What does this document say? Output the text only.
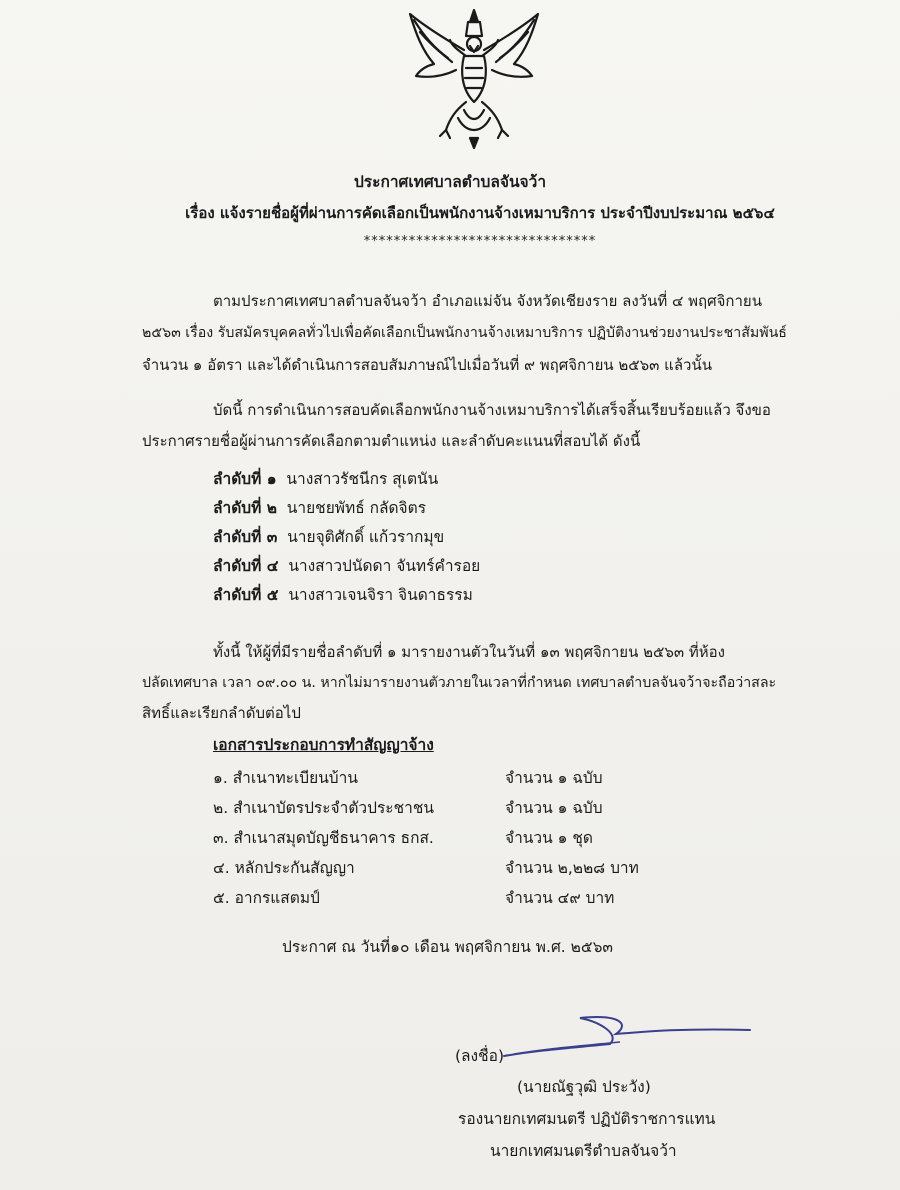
ประกาศเทศบาลตำบลจันจว้า
เรื่อง แจ้งรายชื่อผู้ที่ผ่านการคัดเลือกเป็นพนักงานจ้างเหมาบริการ ประจำปีงบประมาณ ๒๕๖๔
*******************************
ตามประกาศเทศบาลตำบลจันจว้า อำเภอแม่จัน จังหวัดเชียงราย ลงวันที่ ๔ พฤศจิกายน
๒๕๖๓ เรื่อง รับสมัครบุคคลทั่วไปเพื่อคัดเลือกเป็นพนักงานจ้างเหมาบริการ ปฏิบัติงานช่วยงานประชาสัมพันธ์
จำนวน ๑ อัตรา และได้ดำเนินการสอบสัมภาษณ์ไปเมื่อวันที่ ๙ พฤศจิกายน ๒๕๖๓ แล้วนั้น
บัดนี้ การดำเนินการสอบคัดเลือกพนักงานจ้างเหมาบริการได้เสร็จสิ้นเรียบร้อยแล้ว จึงขอ
ประกาศรายชื่อผู้ผ่านการคัดเลือกตามตำแหน่ง และลำดับคะแนนที่สอบได้ ดังนี้
ลำดับที่ ๑ นางสาวรัชนีกร สุเตนัน
ลำดับที่ ๒ นายชยพัทธ์ กลัดจิตร
ลำดับที่ ๓ นายจุติศักดิ์ แก้วรากมุข
ลำดับที่ ๔ นางสาวปนัดดา จันทร์คำรอย
ลำดับที่ ๕ นางสาวเจนจิรา จินดาธรรม
ทั้งนี้ ให้ผู้ที่มีรายชื่อลำดับที่ ๑ มารายงานตัวในวันที่ ๑๓ พฤศจิกายน ๒๕๖๓ ที่ห้อง
ปลัดเทศบาล เวลา ๐๙.๐๐ น. หากไม่มารายงานตัวภายในเวลาที่กำหนด เทศบาลตำบลจันจว้าจะถือว่าสละ
สิทธิ์และเรียกลำดับต่อไป
เอกสารประกอบการทำสัญญาจ้าง
๑. สำเนาทะเบียนบ้าน	จำนวน ๑ ฉบับ
๒. สำเนาบัตรประจำตัวประชาชน	จำนวน ๑ ฉบับ
๓. สำเนาสมุดบัญชีธนาคาร ธกส.	จำนวน ๑ ชุด
๔. หลักประกันสัญญา	จำนวน ๒,๒๒๘ บาท
๕. อากรแสตมป์	จำนวน ๔๙ บาท
ประกาศ ณ วันที่๑๐ เดือน พฤศจิกายน พ.ศ. ๒๕๖๓
(ลงชื่อ)
(นายณัฐวุฒิ ประวัง)
รองนายกเทศมนตรี ปฏิบัติราชการแทน
นายกเทศมนตรีตำบลจันจว้า
